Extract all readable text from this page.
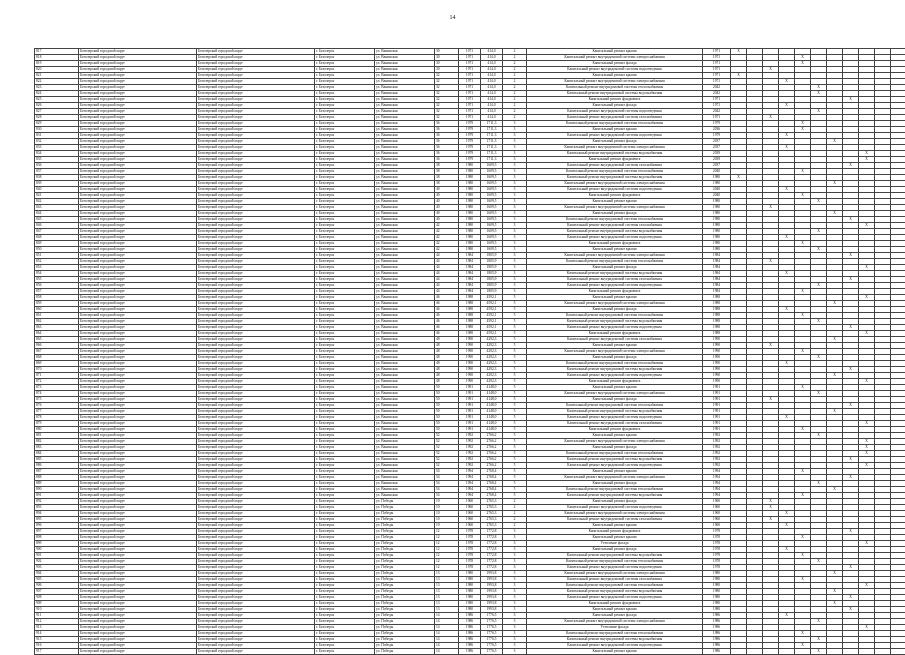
14
817	Белозерский городской округ	Белозерский городской округ	г. Белозерск	ул. Ванинская	30	1971	414,0	2	Капитальный ремонт крыши	1971	X											
818	Белозерский городской округ	Белозерский городской округ	г. Белозерск	ул. Ванинская	30	1971	414,0	2	Капитальный ремонт внутридомовой системы электроснабжения	1971					X							
819	Белозерский городской округ	Белозерский городской округ	г. Белозерск	ул. Ванинская	30	1971	414,0	2	Капитальный ремонт фасада	1971					X							
820	Белозерский городской округ	Белозерский городской округ	г. Белозерск	ул. Ванинская	30	1971	414,0	2	Капитальный ремонт внутридомовой системы водоотведения	1971			X									
821	Белозерский городской округ	Белозерский городской округ	г. Белозерск	ул. Ванинская	32	1971	414,0	2	Капитальный ремонт крыши	1971	X											
822	Белозерский городской округ	Белозерский городской округ	г. Белозерск	ул. Ванинская	32	1971	414,0	2	Капитальный ремонт внутридомовой системы электроснабжения	1971				X								
823	Белозерский городской округ	Белозерский городской округ	г. Белозерск	ул. Ванинская	32	1971	414,0	2	Капитальный ремонт внутридомовой системы теплоснабжения	2042						X						
824	Белозерский городской округ	Белозерский городской округ	г. Белозерск	ул. Ванинская	32	1971	414,0	2	Капитальный ремонт внутридомовой системы водоснабжения	2042						X						
825	Белозерский городской округ	Белозерский городской округ	г. Белозерск	ул. Ванинская	32	1971	414,0	2	Капитальный ремонт фундамента	1971								X				
826	Белозерский городской округ	Белозерский городской округ	г. Белозерск	ул. Ванинская	32	1971	414,0	2	Капитальный ремонт фасада	1971				X								
827	Белозерский городской округ	Белозерский городской округ	г. Белозерск	ул. Ванинская	32	1971	414,0	2	Капитальный ремонт внутридомовой системы водоотведения	2042						X						
828	Белозерский городской округ	Белозерский городской округ	г. Белозерск	ул. Ванинская	32	1971	414,0	2	Капитальный ремонт внутридомовой системы газоснабжения	1971			X									
829	Белозерский городской округ	Белозерский городской округ	г. Белозерск	ул. Ванинская	36	1979	1711,3	3	Капитальный ремонт внутридомовой системы теплоснабжения	1979					X							
830	Белозерский городской округ	Белозерский городской округ	г. Белозерск	ул. Ванинская	36	1979	1711,3	3	Капитальный ремонт крыши	2036					X							
831	Белозерский городской округ	Белозерский городской округ	г. Белозерск	ул. Ванинская	36	1979	1711,3	3	Капитальный ремонт внутридомовой системы водоотведения	1979				X								
832	Белозерский городской округ	Белозерский городской округ	г. Белозерск	ул. Ванинская	36	1979	1711,3	3	Капитальный ремонт фасада	2037							X					
833	Белозерский городской округ	Белозерский городской округ	г. Белозерск	ул. Ванинская	36	1979	1711,3	3	Капитальный ремонт внутридомовой системы электроснабжения	2037				X								
834	Белозерский городской округ	Белозерский городской округ	г. Белозерск	ул. Ванинская	36	1979	1711,3	3	Капитальный ремонт внутридомовой системы водоснабжения	2039									X			
835	Белозерский городской округ	Белозерский городской округ	г. Белозерск	ул. Ванинская	36	1979	1711,3	3	Капитальный ремонт фундамента	2039									X			
836	Белозерский городской округ	Белозерский городской округ	г. Белозерск	ул. Ванинская	38	1980	1609,5	3	Капитальный ремонт внутридомовой системы газоснабжения	2037								X				
837	Белозерский городской округ	Белозерский городской округ	г. Белозерск	ул. Ванинская	38	1980	1609,5	3	Капитальный ремонт внутридомовой системы теплоснабжения	2040					X							
838	Белозерский городской округ	Белозерский городской округ	г. Белозерск	ул. Ванинская	38	1980	1609,5	3	Капитальный ремонт внутридомовой системы водоснабжения	1980	X											
839	Белозерский городской округ	Белозерский городской округ	г. Белозерск	ул. Ванинская	38	1980	1609,5	3	Капитальный ремонт внутридомовой системы электроснабжения	1980							X					
840	Белозерский городской округ	Белозерский городской округ	г. Белозерск	ул. Ванинская	40	1980	1609,5	3	Капитальный ремонт внутридомовой системы водоотведения	2040				X								
841	Белозерский городской округ	Белозерский городской округ	г. Белозерск	ул. Ванинская	40	1980	1609,5	3	Капитальный ремонт фундамента	2040					X							
842	Белозерский городской округ	Белозерский городской округ	г. Белозерск	ул. Ванинская	40	1980	1609,5	3	Капитальный ремонт крыши	1980						X						
843	Белозерский городской округ	Белозерский городской округ	г. Белозерск	ул. Ванинская	40	1980	1609,5	3	Капитальный ремонт внутридомовой системы электроснабжения	1980			X									
844	Белозерский городской округ	Белозерский городской округ	г. Белозерск	ул. Ванинская	40	1980	1609,5	3	Капитальный ремонт фасада	1980							X					
845	Белозерский городской округ	Белозерский городской округ	г. Белозерск	ул. Ванинская	40	1980	1609,5	3	Капитальный ремонт внутридомовой системы теплоснабжения	1980								X				
846	Белозерский городской округ	Белозерский городской округ	г. Белозерск	ул. Ванинская	42	1980	1609,5	3	Капитальный ремонт внутридомовой системы газоснабжения	1980									X			
847	Белозерский городской округ	Белозерский городской округ	г. Белозерск	ул. Ванинская	42	1980	1609,5	3	Капитальный ремонт внутридомовой системы водоснабжения	1980						X						
848	Белозерский городской округ	Белозерский городской округ	г. Белозерск	ул. Ванинская	42	1980	1609,5	3	Капитальный ремонт внутридомовой системы водоотведения	1980				X								
849	Белозерский городской округ	Белозерский городской округ	г. Белозерск	ул. Ванинская	42	1980	1609,5	3	Капитальный ремонт фундамента	1980					X							
850	Белозерский городской округ	Белозерский городской округ	г. Белозерск	ул. Ванинская	42	1980	1609,5	3	Капитальный ремонт крыши	1980						X						
851	Белозерский городской округ	Белозерский городской округ	г. Белозерск	ул. Ванинская	44	1984	1805,9	3	Капитальный ремонт внутридомовой системы электроснабжения	1984								X				
852	Белозерский городской округ	Белозерский городской округ	г. Белозерск	ул. Ванинская	44	1984	1805,9	3	Капитальный ремонт внутридомовой системы теплоснабжения	1984			X									
853	Белозерский городской округ	Белозерский городской округ	г. Белозерск	ул. Ванинская	44	1984	1805,9	3	Капитальный ремонт фасада	1984									X			
854	Белозерский городской округ	Белозерский городской округ	г. Белозерск	ул. Ванинская	44	1984	1805,9	3	Капитальный ремонт внутридомовой системы водоснабжения	1984				X								
855	Белозерский городской округ	Белозерский городской округ	г. Белозерск	ул. Ванинская	44	1984	1805,9	3	Капитальный ремонт внутридомовой системы газоснабжения	1984								X				
856	Белозерский городской округ	Белозерский городской округ	г. Белозерск	ул. Ванинская	44	1984	1805,9	3	Капитальный ремонт внутридомовой системы водоотведения	1984						X						
857	Белозерский городской округ	Белозерский городской округ	г. Белозерск	ул. Ванинская	44	1984	1805,9	3	Капитальный ремонт фундамента	1984					X							
858	Белозерский городской округ	Белозерский городской округ	г. Белозерск	ул. Ванинская	46	1988	4592,1	5	Капитальный ремонт крыши	1988									X			
859	Белозерский городской округ	Белозерский городской округ	г. Белозерск	ул. Ванинская	46	1988	4592,1	5	Капитальный ремонт внутридомовой системы электроснабжения	1988							X					
860	Белозерский городской округ	Белозерский городской округ	г. Белозерск	ул. Ванинская	46	1988	4592,1	5	Капитальный ремонт фасада	1988				X								
861	Белозерский городской округ	Белозерский городской округ	г. Белозерск	ул. Ванинская	46	1988	4592,1	5	Капитальный ремонт внутридомовой системы теплоснабжения	1988					X							
862	Белозерский городской округ	Белозерский городской округ	г. Белозерск	ул. Ванинская	46	1988	4592,1	5	Капитальный ремонт внутридомовой системы водоснабжения	1988						X						
863	Белозерский городской округ	Белозерский городской округ	г. Белозерск	ул. Ванинская	46	1988	4592,1	5	Капитальный ремонт внутридомовой системы водоотведения	1988								X				
864	Белозерский городской округ	Белозерский городской округ	г. Белозерск	ул. Ванинская	46	1988	4592,1	5	Капитальный ремонт фундамента	1988									X			
865	Белозерский городской округ	Белозерский городской округ	г. Белозерск	ул. Ванинская	48	1990	4292,3	5	Капитальный ремонт внутридомовой системы газоснабжения	1990							X					
866	Белозерский городской округ	Белозерский городской округ	г. Белозерск	ул. Ванинская	48	1990	4292,3	5	Капитальный ремонт крыши	1990			X									
867	Белозерский городской округ	Белозерский городской округ	г. Белозерск	ул. Ванинская	48	1990	4292,3	5	Капитальный ремонт внутридомовой системы электроснабжения	1990					X							
868	Белозерский городской округ	Белозерский городской округ	г. Белозерск	ул. Ванинская	48	1990	4292,3	5	Капитальный ремонт фасада	1990						X						
869	Белозерский городской округ	Белозерский городской округ	г. Белозерск	ул. Ванинская	48	1990	4292,3	5	Капитальный ремонт внутридомовой системы теплоснабжения	1990				X								
870	Белозерский городской округ	Белозерский городской округ	г. Белозерск	ул. Ванинская	48	1990	4292,3	5	Капитальный ремонт внутридомовой системы водоснабжения	1990								X				
871	Белозерский городской округ	Белозерский городской округ	г. Белозерск	ул. Ванинская	48	1990	4292,3	5	Капитальный ремонт внутридомовой системы водоотведения	1990							X					
872	Белозерский городской округ	Белозерский городской округ	г. Белозерск	ул. Ванинская	48	1990	4292,3	5	Капитальный ремонт фундамента	1990									X			
873	Белозерский городской округ	Белозерский городской округ	г. Белозерск	ул. Ванинская	50	1991	4148,0	5	Капитальный ремонт крыши	1991					X							
874	Белозерский городской округ	Белозерский городской округ	г. Белозерск	ул. Ванинская	50	1991	4148,0	5	Капитальный ремонт внутридомовой системы электроснабжения	1991						X						
875	Белозерский городской округ	Белозерский городской округ	г. Белозерск	ул. Ванинская	50	1991	4148,0	5	Капитальный ремонт фасада	1991			X									
876	Белозерский городской округ	Белозерский городской округ	г. Белозерск	ул. Ванинская	50	1991	4148,0	5	Капитальный ремонт внутридомовой системы теплоснабжения	1991								X				
877	Белозерский городской округ	Белозерский городской округ	г. Белозерск	ул. Ванинская	50	1991	4148,0	5	Капитальный ремонт внутридомовой системы водоснабжения	1991							X					
878	Белозерский городской округ	Белозерский городской округ	г. Белозерск	ул. Ванинская	50	1991	4148,0	5	Капитальный ремонт внутридомовой системы водоотведения	1991				X								
879	Белозерский городской округ	Белозерский городской округ	г. Белозерск	ул. Ванинская	50	1991	4148,0	5	Капитальный ремонт внутридомовой системы газоснабжения	1991									X			
880	Белозерский городской округ	Белозерский городской округ	г. Белозерск	ул. Ванинская	50	1991	4148,0	5	Капитальный ремонт фундамента	1991					X							
881	Белозерский городской округ	Белозерский городской округ	г. Белозерск	ул. Ванинская	52	1992	2766,2	5	Капитальный ремонт крыши	1992						X						
882	Белозерский городской округ	Белозерский городской округ	г. Белозерск	ул. Ванинская	52	1992	2766,2	5	Капитальный ремонт внутридомовой системы электроснабжения	1992									X			
883	Белозерский городской округ	Белозерский городской округ	г. Белозерск	ул. Ванинская	52	1992	2766,2	5	Капитальный ремонт фасада	1992									X			
884	Белозерский городской округ	Белозерский городской округ	г. Белозерск	ул. Ванинская	52	1992	2766,2	5	Капитальный ремонт внутридомовой системы теплоснабжения	1992									X			
885	Белозерский городской округ	Белозерский городской округ	г. Белозерск	ул. Ванинская	52	1992	2766,2	5	Капитальный ремонт внутридомовой системы водоснабжения	1992								X				
886	Белозерский городской округ	Белозерский городской округ	г. Белозерск	ул. Ванинская	52	1992	2766,2	5	Капитальный ремонт внутридомовой системы водоотведения	1992									X			
887	Белозерский городской округ	Белозерский городской округ	г. Белозерск	ул. Ванинская	54	1994	2768,4	5	Капитальный ремонт крыши	1994					X							
888	Белозерский городской округ	Белозерский городской округ	г. Белозерск	ул. Ванинская	54	1994	2768,4	5	Капитальный ремонт внутридомовой системы электроснабжения	1994								X				
889	Белозерский городской округ	Белозерский городской округ	г. Белозерск	ул. Ванинская	54	1994	2768,4	5	Капитальный ремонт фасада	1994						X						
890	Белозерский городской округ	Белозерский городской округ	г. Белозерск	ул. Ванинская	54	1994	2768,4	5	Капитальный ремонт внутридомовой системы теплоснабжения	1994							X					
891	Белозерский городской округ	Белозерский городской округ	г. Белозерск	ул. Ванинская	54	1994	2768,4	5	Капитальный ремонт внутридомовой системы водоснабжения	1994					X							
892	Белозерский городской округ	Белозерский городской округ	г. Белозерск	ул. Победы	10	1960	2765,3	2	Капитальный ремонт фасада	1960			X									
893	Белозерский городской округ	Белозерский городской округ	г. Белозерск	ул. Победы	10	1960	2765,3	2	Капитальный ремонт внутридомовой системы водоотведения	1960			X									
894	Белозерский городской округ	Белозерский городской округ	г. Белозерск	ул. Победы	10	1960	2765,3	2	Капитальный ремонт внутридомовой системы электроснабжения	1960				X								
895	Белозерский городской округ	Белозерский городской округ	г. Белозерск	ул. Победы	10	1960	2765,3	2	Капитальный ремонт внутридомовой системы газоснабжения	1960			X									
896	Белозерский городской округ	Белозерский городской округ	г. Белозерск	ул. Победы	10	1960	2765,3	2	Капитальный ремонт крыши	1960				X								
897	Белозерский городской округ	Белозерский городской округ	г. Белозерск	ул. Победы	12	1978	1772,8	3	Капитальный ремонт фундамента	1978								X				
898	Белозерский городской округ	Белозерский городской округ	г. Белозерск	ул. Победы	12	1978	1772,8	3	Капитальный ремонт крыши	1978					X							
899	Белозерский городской округ	Белозерский городской округ	г. Белозерск	ул. Победы	12	1978	1772,8	3	Утепление фасада	1978									X			
900	Белозерский городской округ	Белозерский городской округ	г. Белозерск	ул. Победы	12	1978	1772,8	3	Капитальный ремонт фасада	1978				X								
901	Белозерский городской округ	Белозерский городской округ	г. Белозерск	ул. Победы	12	1978	1772,8	3	Капитальный ремонт внутридомовой системы водоснабжения	1978					X							
902	Белозерский городской округ	Белозерский городской округ	г. Белозерск	ул. Победы	12	1978	1772,8	3	Капитальный ремонт внутридомовой системы теплоснабжения	1978						X						
903	Белозерский городской округ	Белозерский городской округ	г. Белозерск	ул. Победы	12	1978	1772,8	3	Капитальный ремонт внутридомовой системы водоотведения	1978								X				
904	Белозерский городской округ	Белозерский городской округ	г. Белозерск	ул. Победы	13	1980	1993,8	3	Капитальный ремонт внутридомовой системы электроснабжения	1980							X					
905	Белозерский городской округ	Белозерский городской округ	г. Белозерск	ул. Победы	13	1980	1993,8	3	Капитальный ремонт внутридомовой системы газоснабжения	1980					X							
906	Белозерский городской округ	Белозерский городской округ	г. Белозерск	ул. Победы	13	1980	1993,8	3	Капитальный ремонт внутридомовой системы теплоснабжения	1980									X			
907	Белозерский городской округ	Белозерский городской округ	г. Белозерск	ул. Победы	13	1980	1993,8	3	Капитальный ремонт внутридомовой системы водоснабжения	1980							X					
908	Белозерский городской округ	Белозерский городской округ	г. Белозерск	ул. Победы	13	1980	1993,8	3	Капитальный ремонт внутридомовой системы водоотведения	1980								X				
909	Белозерский городской округ	Белозерский городской округ	г. Белозерск	ул. Победы	13	1980	1993,8	3	Капитальный ремонт фундамента	1980							X					
910	Белозерский городской округ	Белозерский городской округ	г. Белозерск	ул. Победы	13	1980	1993,8	3	Капитальный ремонт крыши	1980								X				
911	Белозерский городской округ	Белозерский городской округ	г. Белозерск	ул. Победы	14	1986	1776,5	3	Капитальный ремонт фасада	1986				X								
912	Белозерский городской округ	Белозерский городской округ	г. Белозерск	ул. Победы	14	1986	1776,5	3	Капитальный ремонт внутридомовой системы электроснабжения	1986						X						
913	Белозерский городской округ	Белозерский городской округ	г. Белозерск	ул. Победы	14	1986	1776,5	3	Утепление фасада	1986									X			
914	Белозерский городской округ	Белозерский городской округ	г. Белозерск	ул. Победы	14	1986	1776,5	3	Капитальный ремонт внутридомовой системы теплоснабжения	1986					X							
915	Белозерский городской округ	Белозерский городской округ	г. Белозерск	ул. Победы	14	1986	1776,5	3	Капитальный ремонт внутридомовой системы водоснабжения	1986						X						
916	Белозерский городской округ	Белозерский городской округ	г. Белозерск	ул. Победы	14	1986	1776,5	3	Капитальный ремонт внутридомовой системы водоотведения	1986					X							
917	Белозерский городской округ	Белозерский городской округ	г. Белозерск	ул. Победы	14	1986	1776,5	3	Капитальный ремонт крыши	1986						X						
